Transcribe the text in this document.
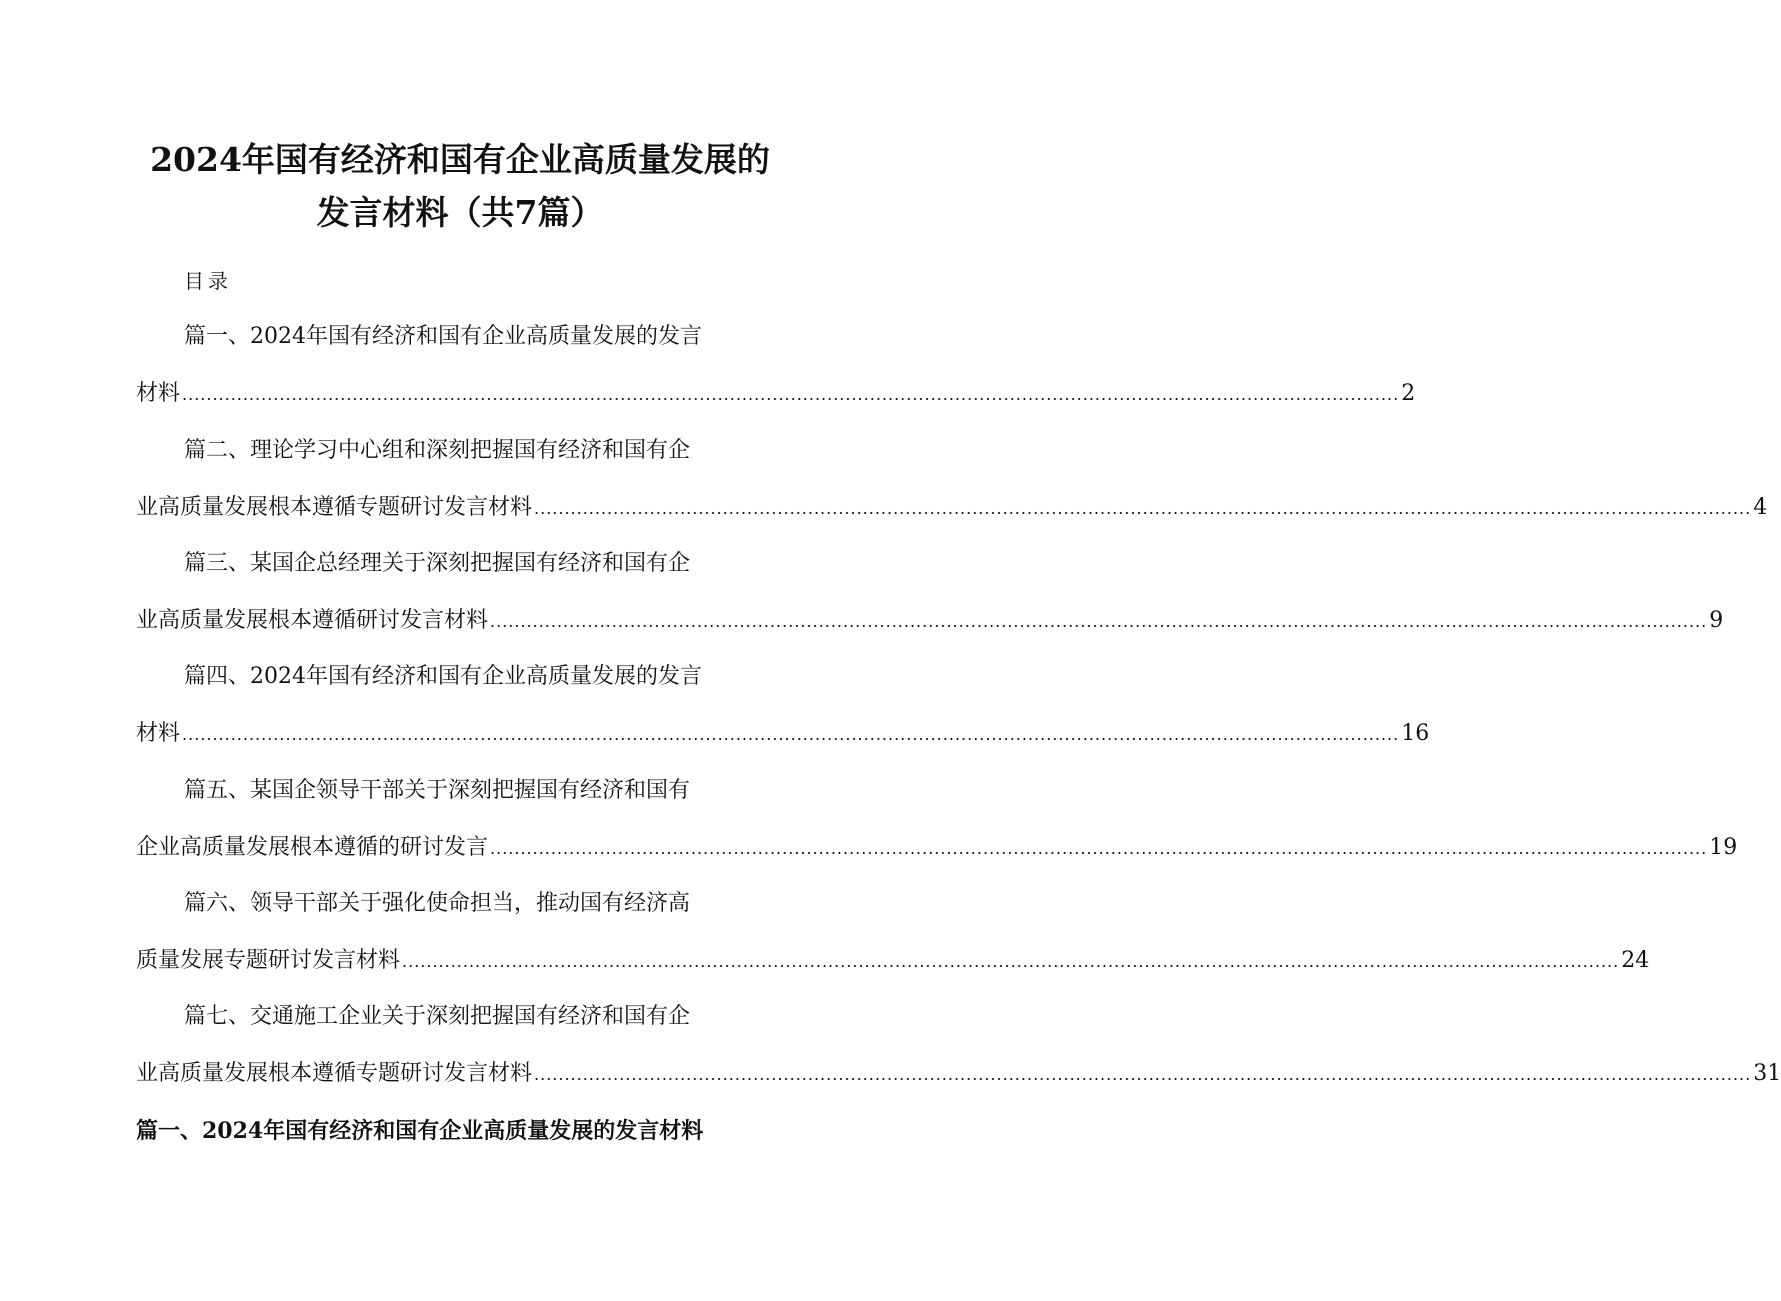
2024年国有经济和国有企业高质量发展的
发言材料（共7篇）
目录
篇一、2024年国有经济和国有企业高质量发展的发言
材料 ........................................................................................................................................................................................................ 2
篇二、理论学习中心组和深刻把握国有经济和国有企
业高质量发展根本遵循专题研讨发言材料 ........................................................................................................................................................................................................ 4
篇三、某国企总经理关于深刻把握国有经济和国有企
业高质量发展根本遵循研讨发言材料 ........................................................................................................................................................................................................ 9
篇四、2024年国有经济和国有企业高质量发展的发言
材料 ........................................................................................................................................................................................................ 16
篇五、某国企领导干部关于深刻把握国有经济和国有
企业高质量发展根本遵循的研讨发言 ........................................................................................................................................................................................................ 19
篇六、领导干部关于强化使命担当，推动国有经济高
质量发展专题研讨发言材料 ........................................................................................................................................................................................................ 24
篇七、交通施工企业关于深刻把握国有经济和国有企
业高质量发展根本遵循专题研讨发言材料 ........................................................................................................................................................................................................ 31
篇一、2024年国有经济和国有企业高质量发展的发言材料
